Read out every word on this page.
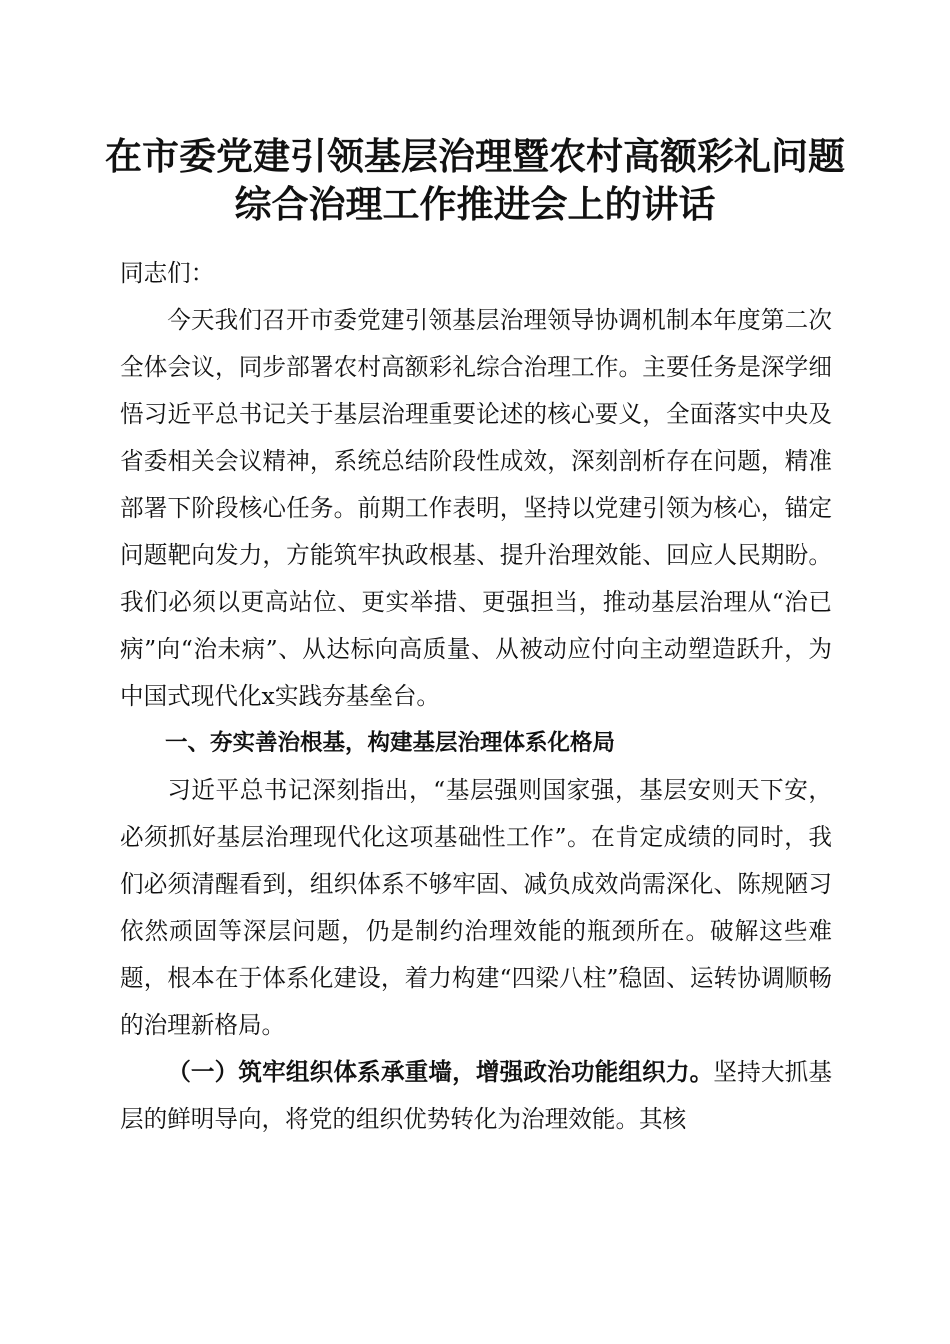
在市委党建引领基层治理暨农村高额彩礼问题
综合治理工作推进会上的讲话

同志们：

今天我们召开市委党建引领基层治理领导协调机制本年度第二次全体会议，同步部署农村高额彩礼综合治理工作。主要任务是深学细悟习近平总书记关于基层治理重要论述的核心要义，全面落实中央及省委相关会议精神，系统总结阶段性成效，深刻剖析存在问题，精准部署下阶段核心任务。前期工作表明，坚持以党建引领为核心，锚定问题靶向发力，方能筑牢执政根基、提升治理效能、回应人民期盼。我们必须以更高站位、更实举措、更强担当，推动基层治理从“治已病”向“治未病”、从达标向高质量、从被动应付向主动塑造跃升，为中国式现代化x实践夯基垒台。

一、夯实善治根基，构建基层治理体系化格局

习近平总书记深刻指出，“基层强则国家强，基层安则天下安，必须抓好基层治理现代化这项基础性工作”。在肯定成绩的同时，我们必须清醒看到，组织体系不够牢固、减负成效尚需深化、陈规陋习依然顽固等深层问题，仍是制约治理效能的瓶颈所在。破解这些难题，根本在于体系化建设，着力构建“四梁八柱”稳固、运转协调顺畅的治理新格局。

（一）筑牢组织体系承重墙，增强政治功能组织力。坚持大抓基层的鲜明导向，将党的组织优势转化为治理效能。其核
